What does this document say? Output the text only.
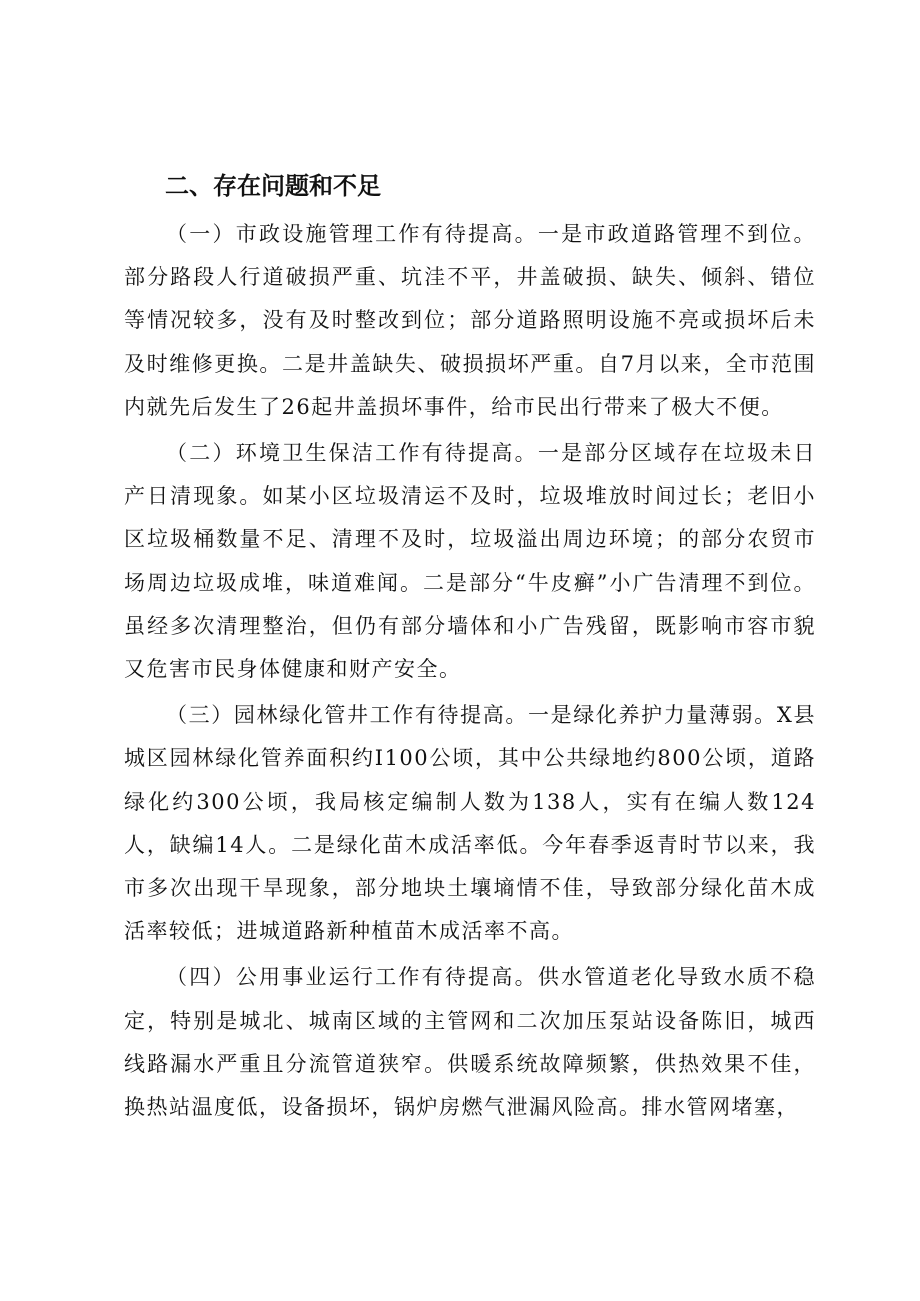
二、存在问题和不足

（一）市政设施管理工作有待提高。一是市政道路管理不到位。部分路段人行道破损严重、坑洼不平，井盖破损、缺失、倾斜、错位等情况较多，没有及时整改到位；部分道路照明设施不亮或损坏后未及时维修更换。二是井盖缺失、破损损坏严重。自7月以来，全市范围内就先后发生了26起井盖损坏事件，给市民出行带来了极大不便。

（二）环境卫生保洁工作有待提高。一是部分区域存在垃圾未日产日清现象。如某小区垃圾清运不及时，垃圾堆放时间过长；老旧小区垃圾桶数量不足、清理不及时，垃圾溢出周边环境；的部分农贸市场周边垃圾成堆，味道难闻。二是部分“牛皮癣”小广告清理不到位。虽经多次清理整治，但仍有部分墙体和小广告残留，既影响市容市貌又危害市民身体健康和财产安全。

（三）园林绿化管井工作有待提高。一是绿化养护力量薄弱。X县城区园林绿化管养面积约I100公顷，其中公共绿地约800公顷，道路绿化约300公顷，我局核定编制人数为138人，实有在编人数124人，缺编14人。二是绿化苗木成活率低。今年春季返青时节以来，我市多次出现干旱现象，部分地块土壤墒情不佳，导致部分绿化苗木成活率较低；进城道路新种植苗木成活率不高。

（四）公用事业运行工作有待提高。供水管道老化导致水质不稳定，特别是城北、城南区域的主管网和二次加压泵站设备陈旧，城西线路漏水严重且分流管道狭窄。供暖系统故障频繁，供热效果不佳，换热站温度低，设备损坏，锅炉房燃气泄漏风险高。排水管网堵塞，
